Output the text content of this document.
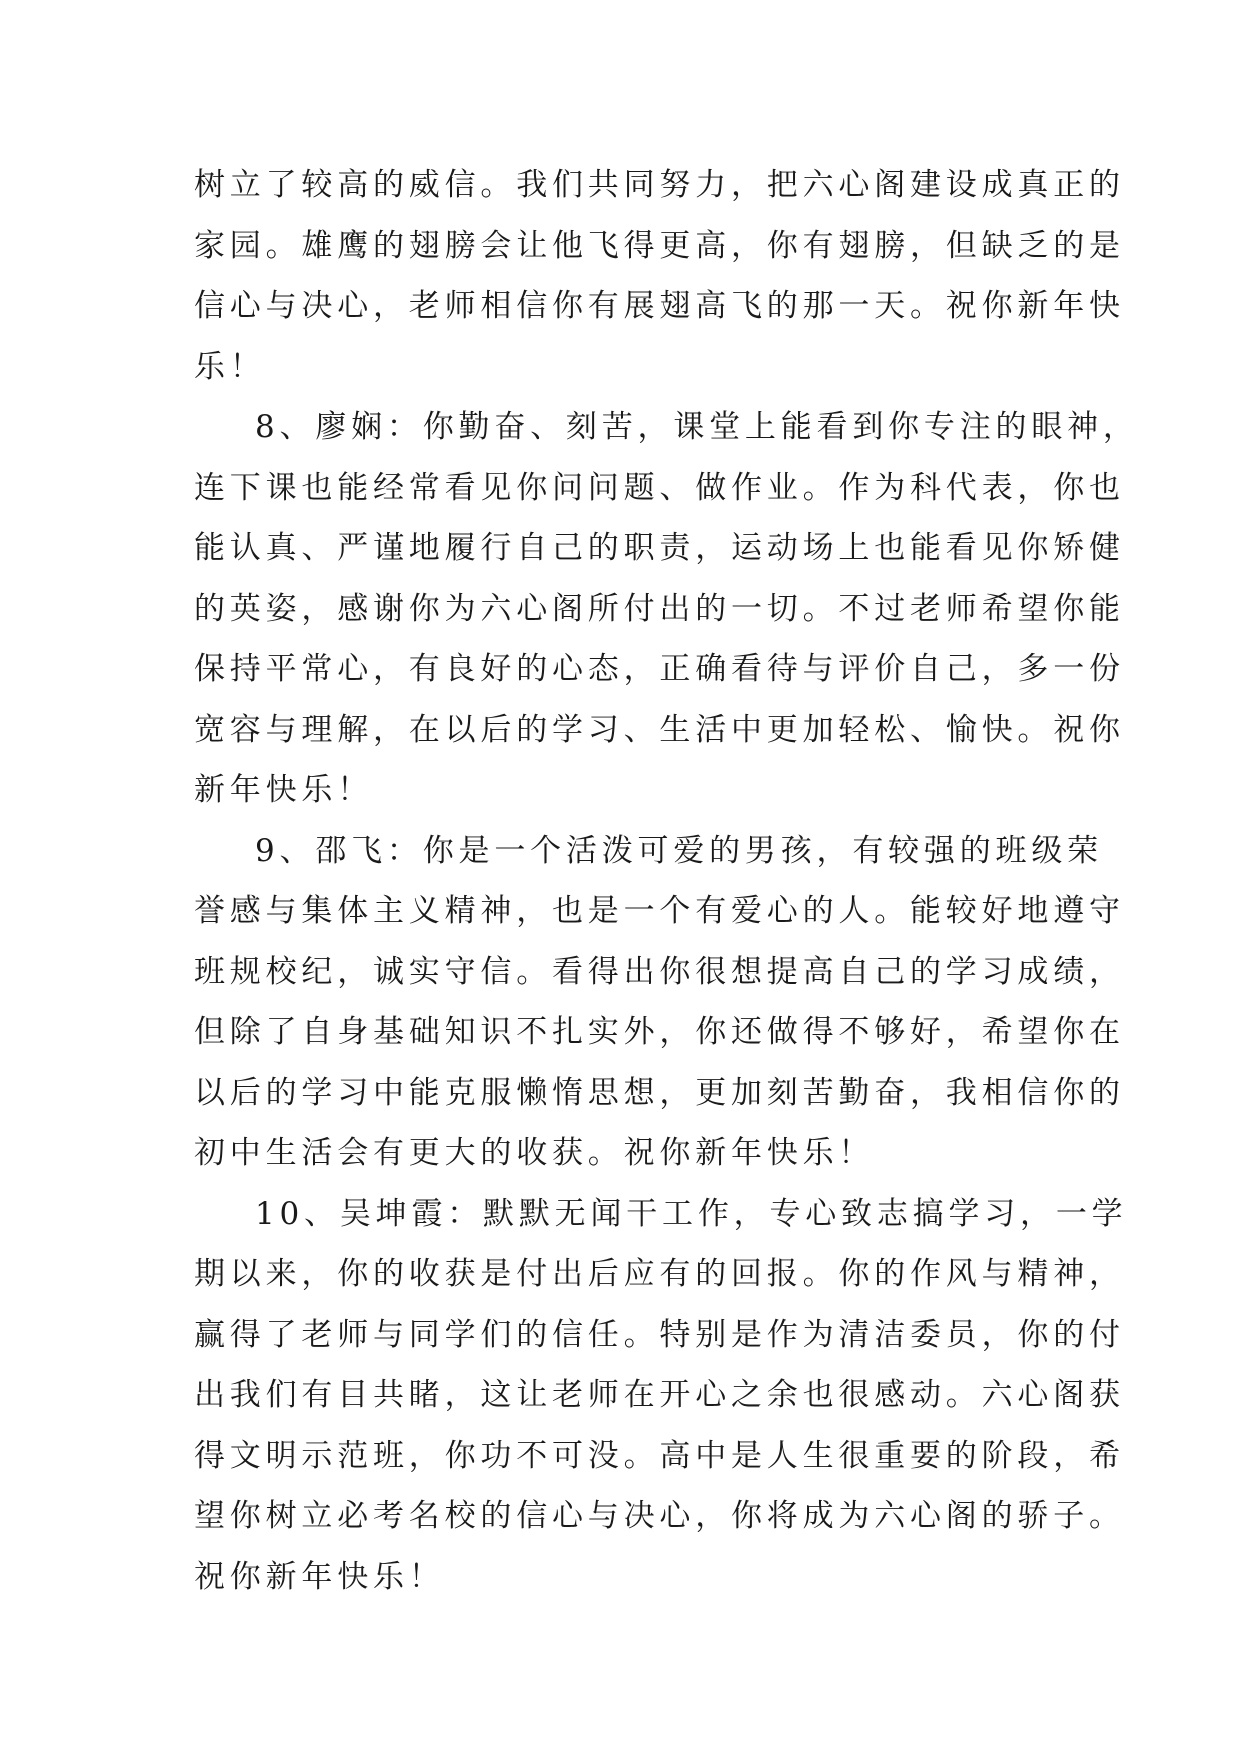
树立了较高的威信。我们共同努力，把六心阁建设成真正的
家园。雄鹰的翅膀会让他飞得更高，你有翅膀，但缺乏的是
信心与决心，老师相信你有展翅高飞的那一天。祝你新年快
乐！
8、廖娴：你勤奋、刻苦，课堂上能看到你专注的眼神，
连下课也能经常看见你问问题、做作业。作为科代表，你也
能认真、严谨地履行自己的职责，运动场上也能看见你矫健
的英姿，感谢你为六心阁所付出的一切。不过老师希望你能
保持平常心，有良好的心态，正确看待与评价自己，多一份
宽容与理解，在以后的学习、生活中更加轻松、愉快。祝你
新年快乐！
9、邵飞：你是一个活泼可爱的男孩，有较强的班级荣
誉感与集体主义精神，也是一个有爱心的人。能较好地遵守
班规校纪，诚实守信。看得出你很想提高自己的学习成绩，
但除了自身基础知识不扎实外，你还做得不够好，希望你在
以后的学习中能克服懒惰思想，更加刻苦勤奋，我相信你的
初中生活会有更大的收获。祝你新年快乐！
10、吴坤霞：默默无闻干工作，专心致志搞学习，一学
期以来，你的收获是付出后应有的回报。你的作风与精神，
赢得了老师与同学们的信任。特别是作为清洁委员，你的付
出我们有目共睹，这让老师在开心之余也很感动。六心阁获
得文明示范班，你功不可没。高中是人生很重要的阶段，希
望你树立必考名校的信心与决心，你将成为六心阁的骄子。
祝你新年快乐！
